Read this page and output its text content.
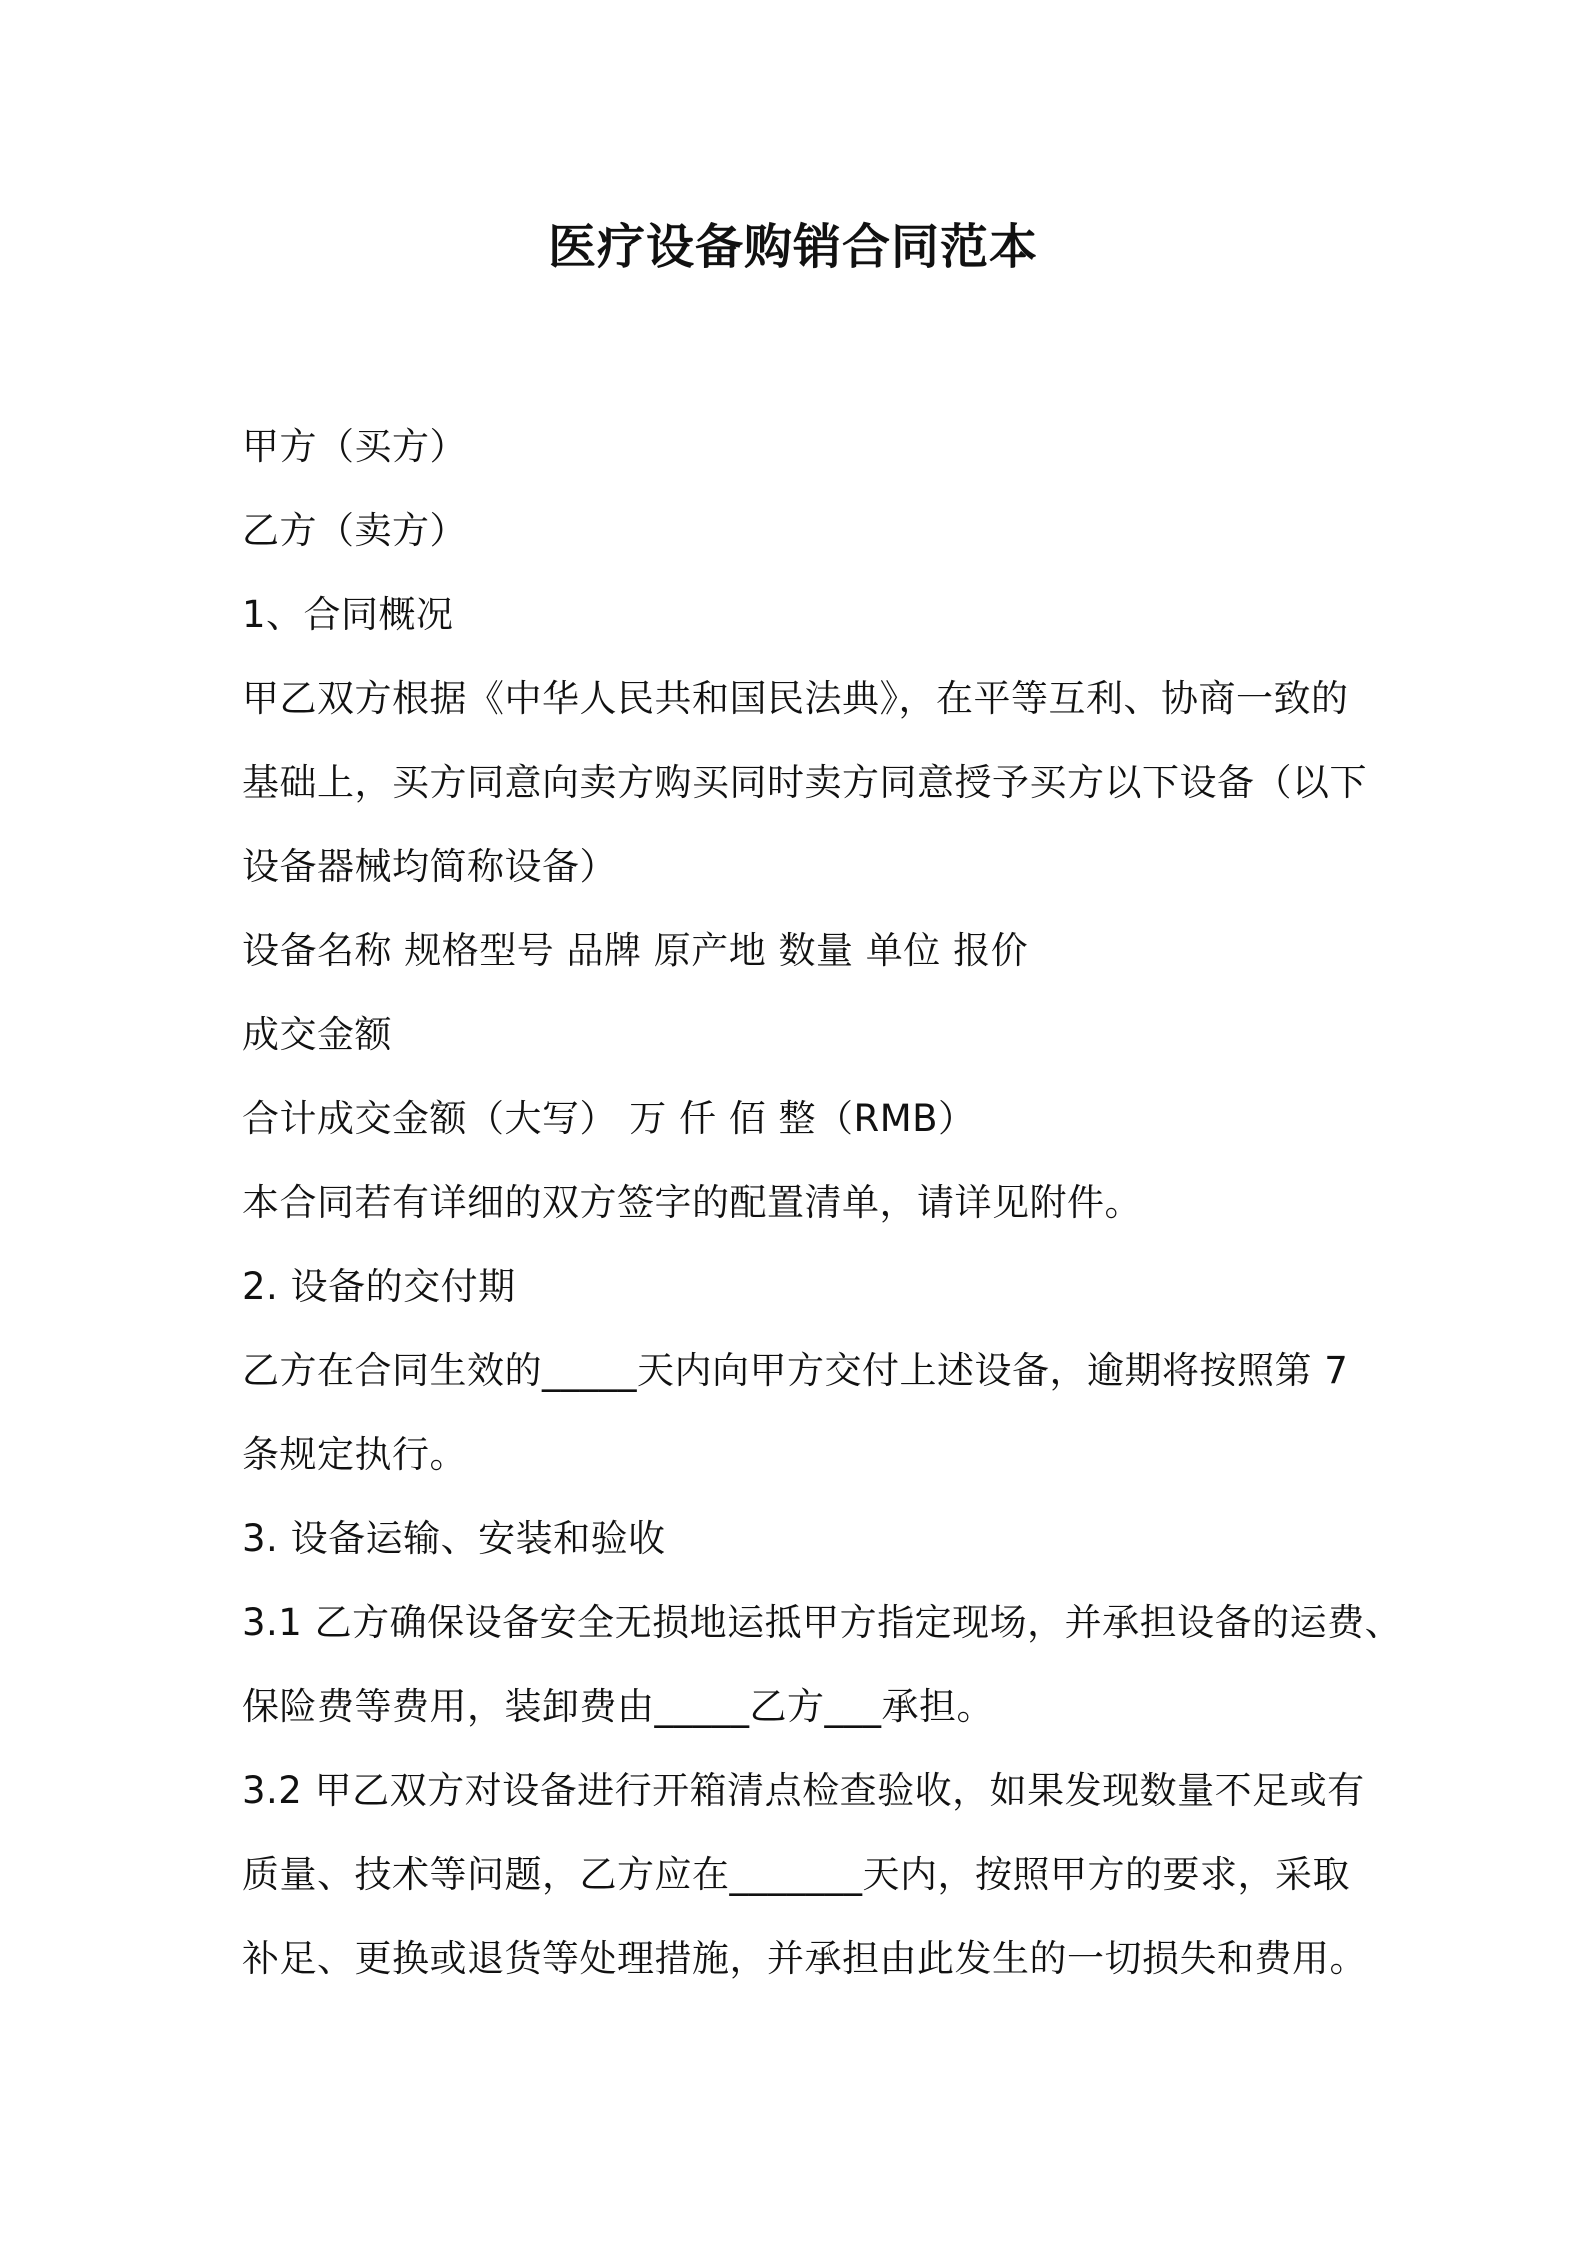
医疗设备购销合同范本
甲方（买方）
乙方（卖方）
1、合同概况
甲乙双方根据《中华人民共和国民法典》，在平等互利、协商一致的
基础上，买方同意向卖方购买同时卖方同意授予买方以下设备（以下
设备器械均简称设备）
设备名称 规格型号 品牌 原产地 数量 单位 报价
成交金额
合计成交金额（大写） 万 仟 佰 整（RMB）
本合同若有详细的双方签字的配置清单，请详见附件。
2. 设备的交付期
乙方在合同生效的_____天内向甲方交付上述设备，逾期将按照第 7
条规定执行。
3. 设备运输、安装和验收
3.1 乙方确保设备安全无损地运抵甲方指定现场，并承担设备的运费、
保险费等费用，装卸费由_____乙方___承担。
3.2 甲乙双方对设备进行开箱清点检查验收，如果发现数量不足或有
质量、技术等问题，乙方应在_______天内，按照甲方的要求，采取
补足、更换或退货等处理措施，并承担由此发生的一切损失和费用。
